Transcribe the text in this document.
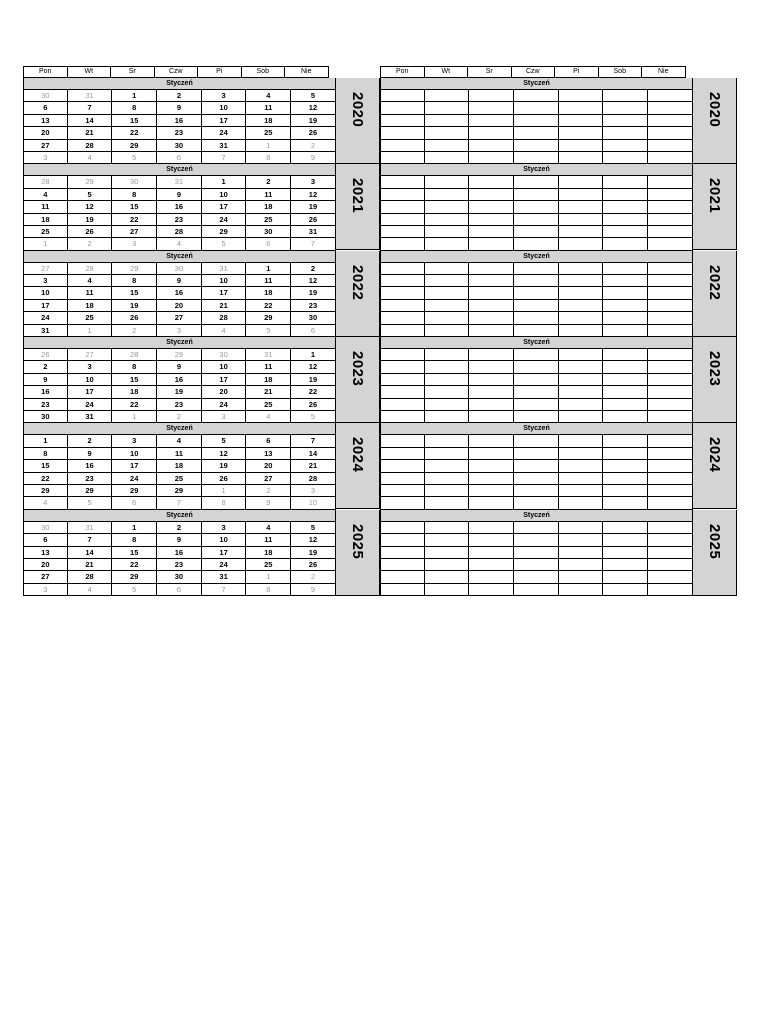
Pon	Wt	Śr	Czw	Pi	Sob	Nie
Styczeń
30	31	1	2	3	4	5
6	7	8	9	10	11	12
13	14	15	16	17	18	19
20	21	22	23	24	25	26
27	28	29	30	31	1	2
3	4	5	6	7	8	9
2020
Styczeń
28	29	30	31	1	2	3
4	5	8	9	10	11	12
11	12	15	16	17	18	19
18	19	22	23	24	25	26
25	26	27	28	29	30	31
1	2	3	4	5	6	7
2021
Styczeń
27	28	29	30	31	1	2
3	4	8	9	10	11	12
10	11	15	16	17	18	19
17	18	19	20	21	22	23
24	25	26	27	28	29	30
31	1	2	3	4	5	6
2022
Styczeń
26	27	28	29	30	31	1
2	3	8	9	10	11	12
9	10	15	16	17	18	19
16	17	18	19	20	21	22
23	24	22	23	24	25	26
30	31	1	2	3	4	5
2023
Styczeń
1	2	3	4	5	6	7
8	9	10	11	12	13	14
15	16	17	18	19	20	21
22	23	24	25	26	27	28
29	29	29	29	1	2	3
4	5	6	7	8	9	10
2024
Styczeń
30	31	1	2	3	4	5
6	7	8	9	10	11	12
13	14	15	16	17	18	19
20	21	22	23	24	25	26
27	28	29	30	31	1	2
3	4	5	6	7	8	9
2025
Pon	Wt	Śr	Czw	Pi	Sob	Nie
Styczeń
2020
Styczeń
2021
Styczeń
2022
Styczeń
2023
Styczeń
2024
Styczeń
2025
